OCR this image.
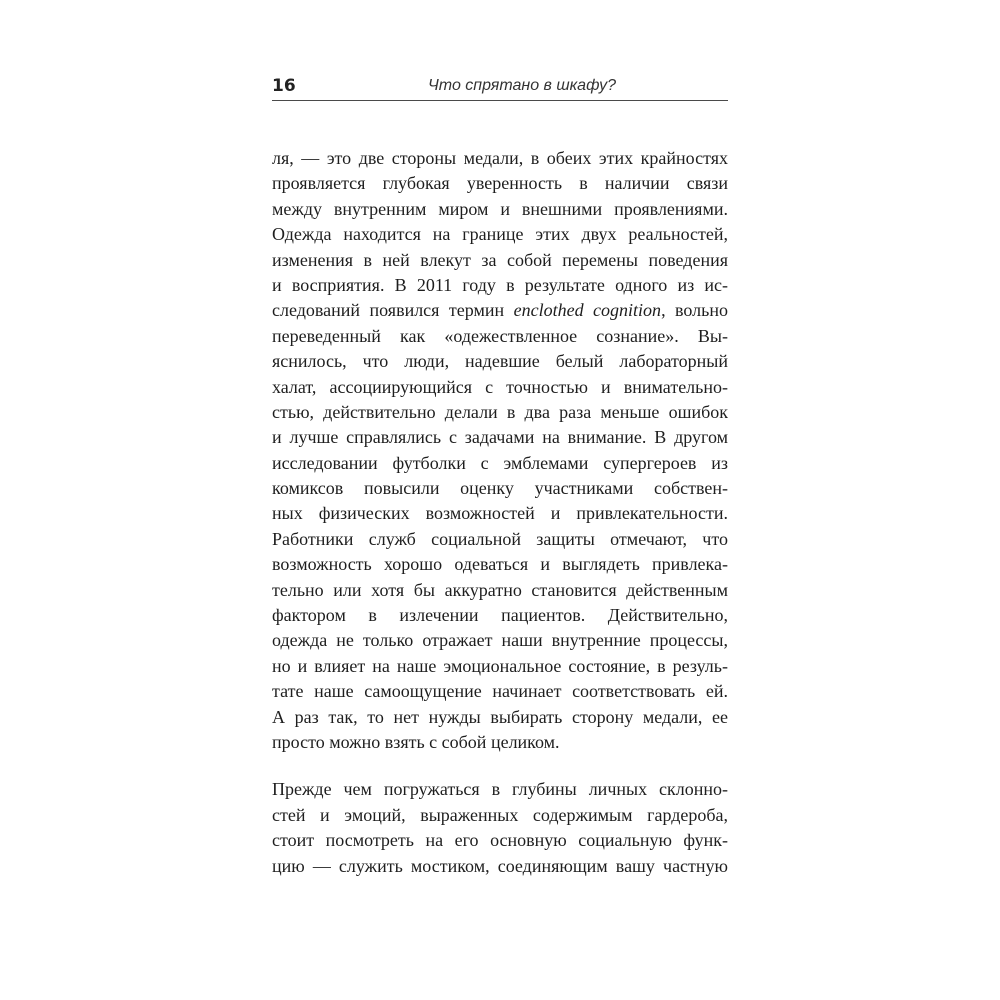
16	Что спрятано в шкафу?
ля, — это две стороны медали, в обеих этих крайностях
проявляется глубокая уверенность в наличии связи
между внутренним миром и внешними проявлениями.
Одежда находится на границе этих двух реальностей,
изменения в ней влекут за собой перемены поведения
и восприятия. В 2011 году в результате одного из ис-
следований появился термин enclothed cognition, вольно
переведенный как «одежествленное сознание». Вы-
яснилось, что люди, надевшие белый лабораторный
халат, ассоциирующийся с точностью и внимательно-
стью, действительно делали в два раза меньше ошибок
и лучше справлялись с задачами на внимание. В другом
исследовании футболки с эмблемами супергероев из
комиксов повысили оценку участниками собствен-
ных физических возможностей и привлекательности.
Работники служб социальной защиты отмечают, что
возможность хорошо одеваться и выглядеть привлека-
тельно или хотя бы аккуратно становится действенным
фактором в излечении пациентов. Действительно,
одежда не только отражает наши внутренние процессы,
но и влияет на наше эмоциональное состояние, в резуль-
тате наше самоощущение начинает соответствовать ей.
А раз так, то нет нужды выбирать сторону медали, ее
просто можно взять с собой целиком.
Прежде чем погружаться в глубины личных склонно-
стей и эмоций, выраженных содержимым гардероба,
стоит посмотреть на его основную социальную функ-
цию — служить мостиком, соединяющим вашу частную
